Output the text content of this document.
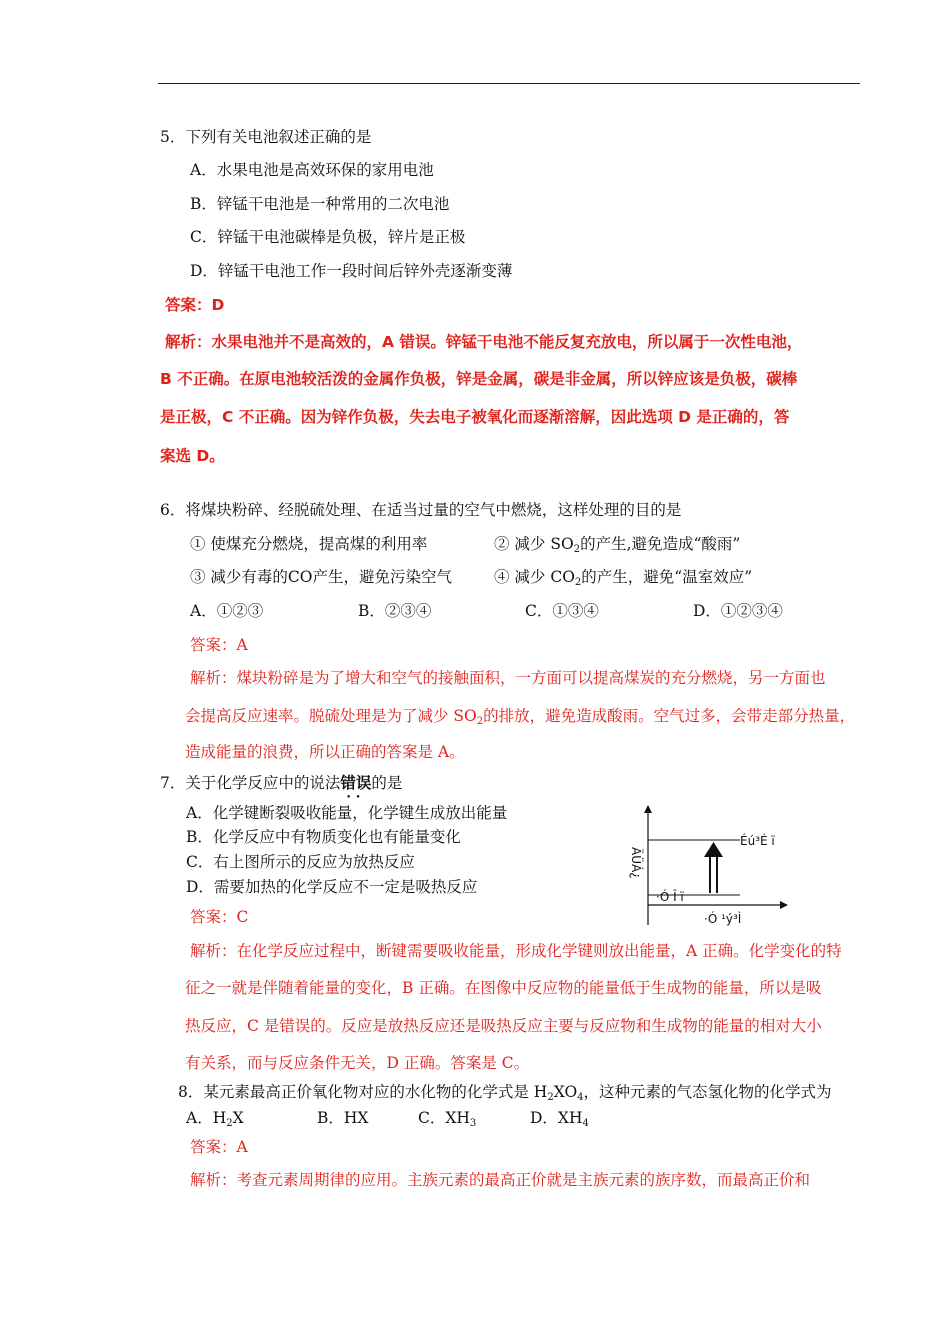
5．下列有关电池叙述正确的是
A．水果电池是高效环保的家用电池
B．锌锰干电池是一种常用的二次电池
C．锌锰干电池碳棒是负极，锌片是正极
D．锌锰干电池工作一段时间后锌外壳逐渐变薄
答案：D
解析：水果电池并不是高效的，A 错误。锌锰干电池不能反复充放电，所以属于一次性电池，
B 不正确。在原电池较活泼的金属作负极，锌是金属，碳是非金属，所以锌应该是负极，碳棒
是正极，C 不正确。因为锌作负极，失去电子被氧化而逐渐溶解，因此选项 D 是正确的，答
案选 D。
6．将煤块粉碎、经脱硫处理、在适当过量的空气中燃烧，这样处理的目的是
① 使煤充分燃烧，提高煤的利用率	② 减少 $SO_2$的产生,避免造成“酸雨”
③ 减少有毒的CO产生，避免污染空气	④ 减少 $CO_2$的产生，避免“温室效应”
A．①②③	B．②③④	C．①③④	D．①②③④
答案：A
解析：煤块粉碎是为了增大和空气的接触面积，一方面可以提高煤炭的充分燃烧，另一方面也
会提高反应速率。脱硫处理是为了减少 $SO_2$的排放，避免造成酸雨。空气过多，会带走部分热量，
造成能量的浪费，所以正确的答案是 A。
7．关于化学反应中的说法错误 ••的是
A．化学键断裂吸收能量，化学键生成放出能量
B．化学反应中有物质变化也有能量变化
C．右上图所示的反应为放热反应
D．需要加热的化学反应不一定是吸热反应
答案：C
ÄÜÁ¿
Éú³É ï
·Ó Î ï
·Ó ¹ý³Ì
解析：在化学反应过程中，断键需要吸收能量，形成化学键则放出能量，A 正确。化学变化的特
征之一就是伴随着能量的变化，B 正确。在图像中反应物的能量低于生成物的能量，所以是吸
热反应，C 是错误的。反应是放热反应还是吸热反应主要与反应物和生成物的能量的相对大小
有关系，而与反应条件无关，D 正确。答案是 C。
8．某元素最高正价氧化物对应的水化物的化学式是 $H_2XO_4$，这种元素的气态氢化物的化学式为
A．$H_2X$	B．HX	C．$XH_3$	D．$XH_4$
答案：A
解析：考查元素周期律的应用。主族元素的最高正价就是主族元素的族序数，而最高正价和
